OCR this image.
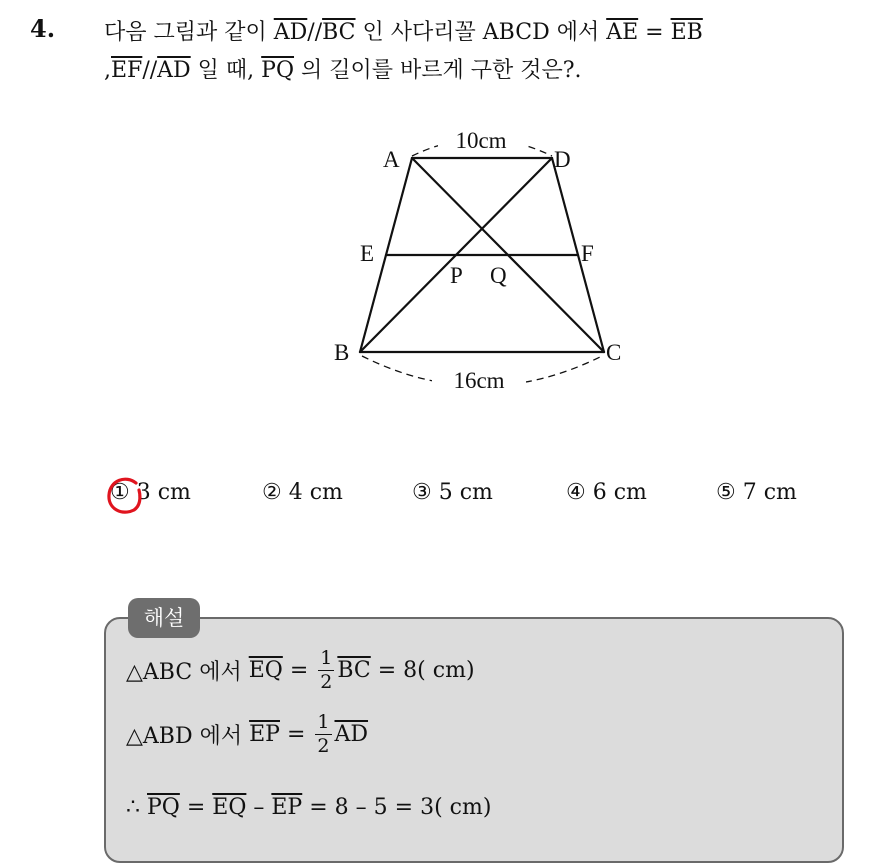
4. 다음 그림과 같이 $\overline{AD}//\overline{BC}$ 인 사다리꼴 ABCD 에서 $\overline{AE} = \overline{EB}$
$,\overline{EF}//\overline{AD}$ 일 때, $\overline{PQ}$ 의 길이를 바르게 구한 것은?.
10cm
16cm
A	D
E	F
P Q
B	C
① 3 cm	② 4 cm	③ 5 cm	④ 6 cm	⑤ 7 cm
△ABC 에서 $\overline{EQ} = \frac{1}{2} \overline{BC} = 8$( cm)
△ABD 에서 $\overline{EP} = \frac{1}{2} \overline{AD}$
∴ $\overline{PQ} = \overline{EQ} - \overline{EP} = 8 - 5 = 3$( cm)
해설
